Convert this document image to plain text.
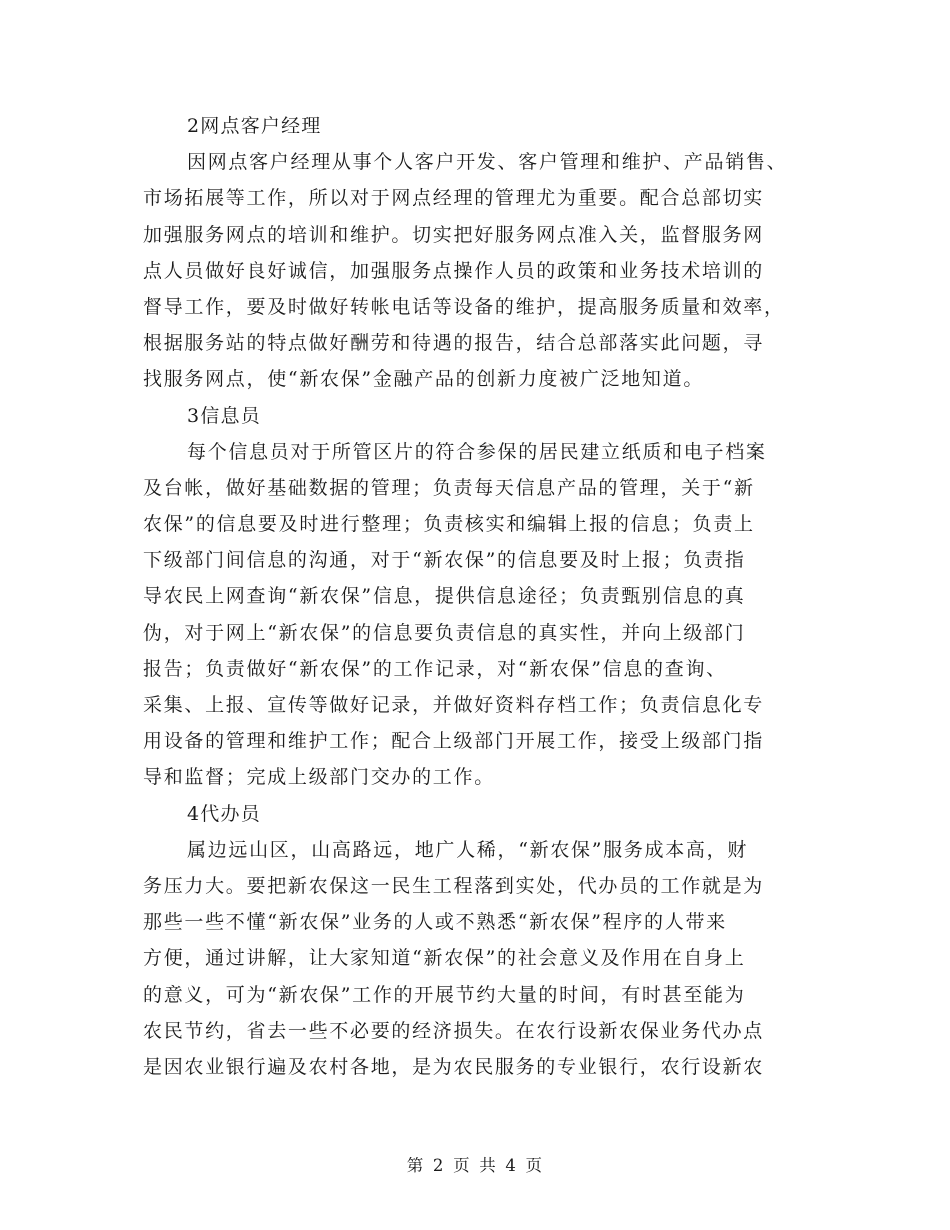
2网点客户经理
因网点客户经理从事个人客户开发、客户管理和维护、产品销售、
市场拓展等工作，所以对于网点经理的管理尤为重要。配合总部切实
加强服务网点的培训和维护。切实把好服务网点准入关，监督服务网
点人员做好良好诚信，加强服务点操作人员的政策和业务技术培训的
督导工作，要及时做好转帐电话等设备的维护，提高服务质量和效率，
根据服务站的特点做好酬劳和待遇的报告，结合总部落实此问题，寻
找服务网点，使“新农保”金融产品的创新力度被广泛地知道。
3信息员
每个信息员对于所管区片的符合参保的居民建立纸质和电子档案
及台帐，做好基础数据的管理；负责每天信息产品的管理，关于“新
农保”的信息要及时进行整理；负责核实和编辑上报的信息；负责上
下级部门间信息的沟通，对于“新农保”的信息要及时上报；负责指
导农民上网查询“新农保”信息，提供信息途径；负责甄别信息的真
伪，对于网上“新农保”的信息要负责信息的真实性，并向上级部门
报告；负责做好“新农保”的工作记录，对“新农保”信息的查询、
采集、上报、宣传等做好记录，并做好资料存档工作；负责信息化专
用设备的管理和维护工作；配合上级部门开展工作，接受上级部门指
导和监督；完成上级部门交办的工作。
4代办员
属边远山区，山高路远，地广人稀，“新农保”服务成本高，财
务压力大。要把新农保这一民生工程落到实处，代办员的工作就是为
那些一些不懂“新农保”业务的人或不熟悉“新农保”程序的人带来
方便，通过讲解，让大家知道“新农保”的社会意义及作用在自身上
的意义，可为“新农保”工作的开展节约大量的时间，有时甚至能为
农民节约，省去一些不必要的经济损失。在农行设新农保业务代办点
是因农业银行遍及农村各地，是为农民服务的专业银行，农行设新农
第 2 页 共 4 页
